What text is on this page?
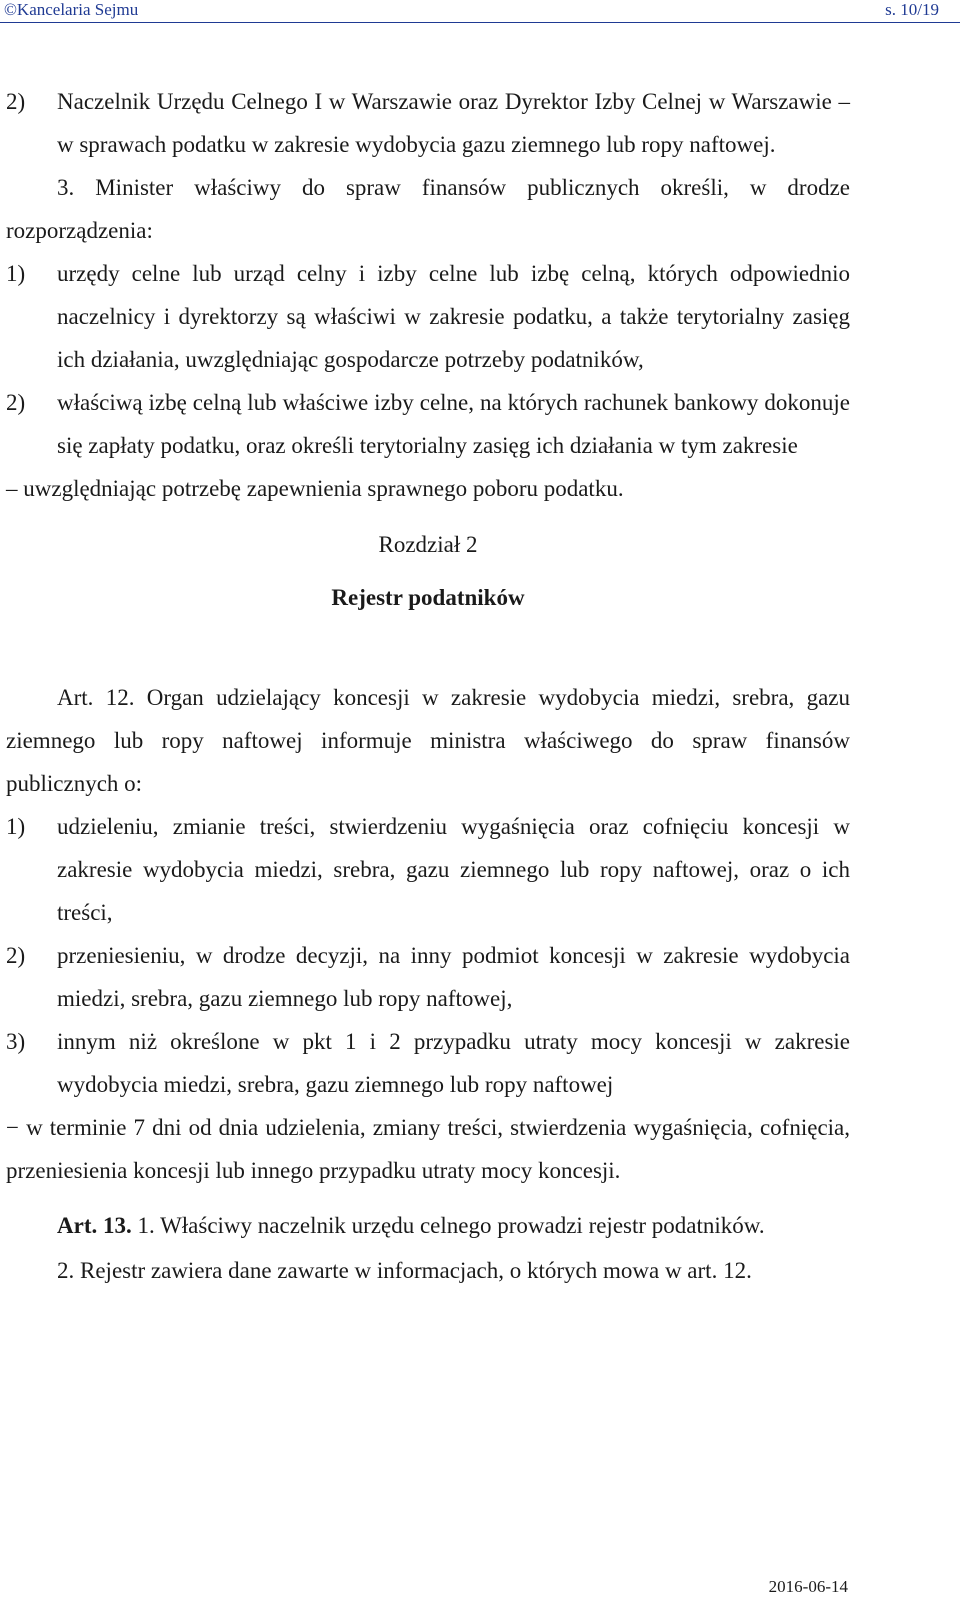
©Kancelaria Sejmu	s. 10/19
2)	Naczelnik Urzędu Celnego I w Warszawie oraz Dyrektor Izby Celnej w Warszawie – w sprawach podatku w zakresie wydobycia gazu ziemnego lub ropy naftowej.

3. Minister właściwy do spraw finansów publicznych określi, w drodze rozporządzenia:

1)	urzędy celne lub urząd celny i izby celne lub izbę celną, których odpowiednio naczelnicy i dyrektorzy są właściwi w zakresie podatku, a także terytorialny zasięg ich działania, uwzględniając gospodarcze potrzeby podatników,
2)	właściwą izbę celną lub właściwe izby celne, na których rachunek bankowy dokonuje się zapłaty podatku, oraz określi terytorialny zasięg ich działania w tym zakresie

– uwzględniając potrzebę zapewnienia sprawnego poboru podatku.

Rozdział 2

Rejestr podatników

Art. 12. Organ udzielający koncesji w zakresie wydobycia miedzi, srebra, gazu ziemnego lub ropy naftowej informuje ministra właściwego do spraw finansów publicznych o:

1)	udzieleniu, zmianie treści, stwierdzeniu wygaśnięcia oraz cofnięciu koncesji w zakresie wydobycia miedzi, srebra, gazu ziemnego lub ropy naftowej, oraz o ich treści,
2)	przeniesieniu, w drodze decyzji, na inny podmiot koncesji w zakresie wydobycia miedzi, srebra, gazu ziemnego lub ropy naftowej,
3)	innym niż określone w pkt 1 i 2 przypadku utraty mocy koncesji w zakresie wydobycia miedzi, srebra, gazu ziemnego lub ropy naftowej

− w terminie 7 dni od dnia udzielenia, zmiany treści, stwierdzenia wygaśnięcia, cofnięcia, przeniesienia koncesji lub innego przypadku utraty mocy koncesji.

Art. 13. 1. Właściwy naczelnik urzędu celnego prowadzi rejestr podatników.

2. Rejestr zawiera dane zawarte w informacjach, o których mowa w art. 12.

2016-06-14
